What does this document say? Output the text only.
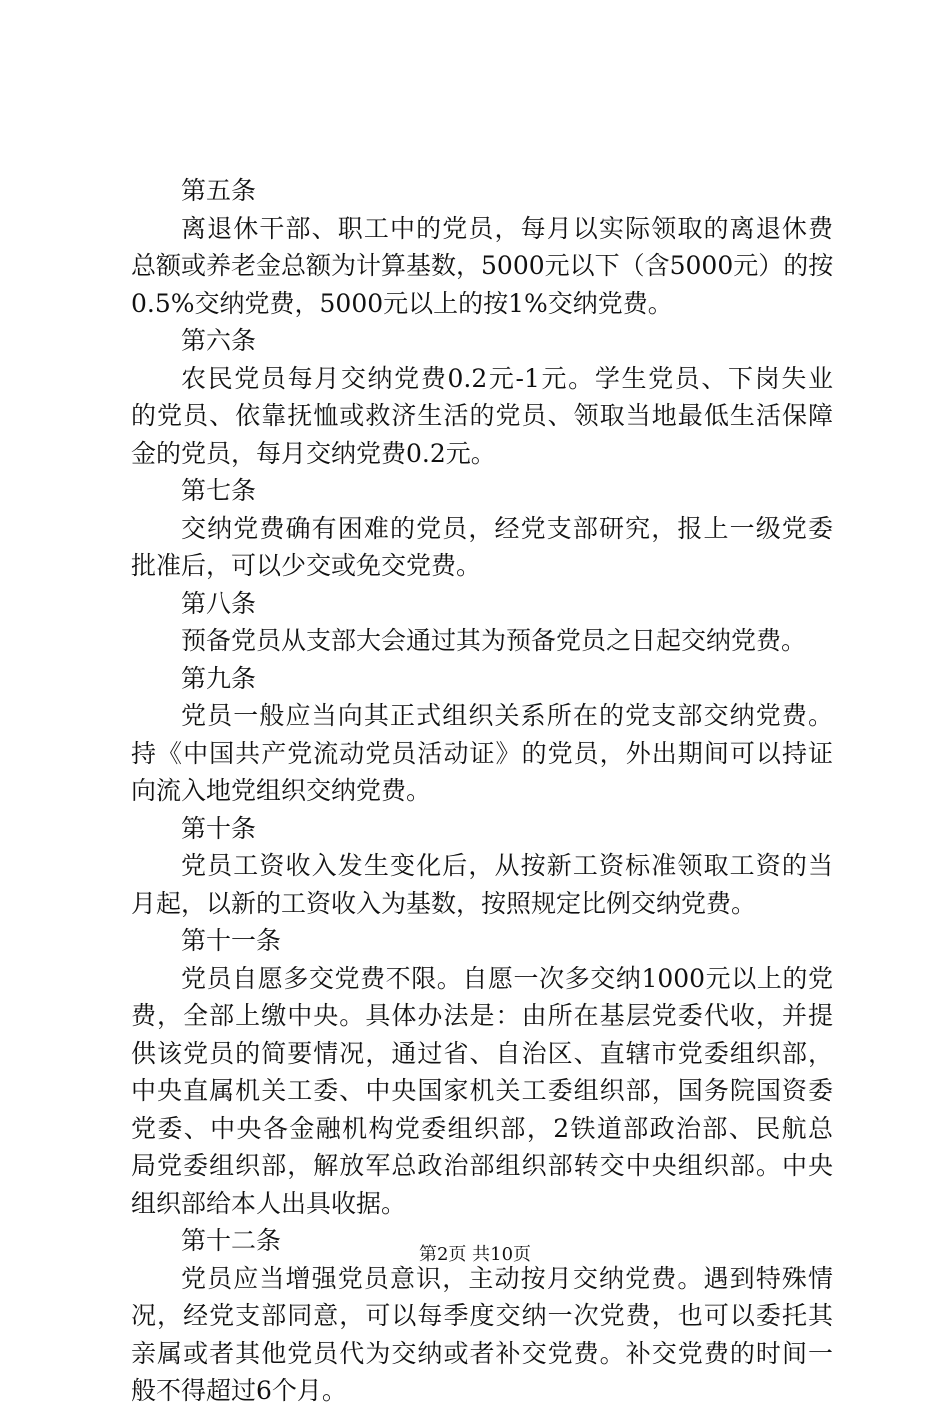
第五条
离退休干部、职工中的党员，每月以实际领取的离退休费
总额或养老金总额为计算基数，5000元以下（含5000元）的按
0.5%交纳党费，5000元以上的按1%交纳党费。
第六条
农民党员每月交纳党费0.2元-1元。学生党员、下岗失业
的党员、依靠抚恤或救济生活的党员、领取当地最低生活保障
金的党员，每月交纳党费0.2元。
第七条
交纳党费确有困难的党员，经党支部研究，报上一级党委
批准后，可以少交或免交党费。
第八条
预备党员从支部大会通过其为预备党员之日起交纳党费。
第九条
党员一般应当向其正式组织关系所在的党支部交纳党费。
持《中国共产党流动党员活动证》的党员，外出期间可以持证
向流入地党组织交纳党费。
第十条
党员工资收入发生变化后，从按新工资标准领取工资的当
月起，以新的工资收入为基数，按照规定比例交纳党费。
第十一条
党员自愿多交党费不限。自愿一次多交纳1000元以上的党
费，全部上缴中央。具体办法是：由所在基层党委代收，并提
供该党员的简要情况，通过省、自治区、直辖市党委组织部，
中央直属机关工委、中央国家机关工委组织部，国务院国资委
党委、中央各金融机构党委组织部，2铁道部政治部、民航总
局党委组织部，解放军总政治部组织部转交中央组织部。中央
组织部给本人出具收据。
第十二条
党员应当增强党员意识，主动按月交纳党费。遇到特殊情
况，经党支部同意，可以每季度交纳一次党费，也可以委托其
亲属或者其他党员代为交纳或者补交党费。补交党费的时间一
般不得超过6个月。
第2页 共10页
